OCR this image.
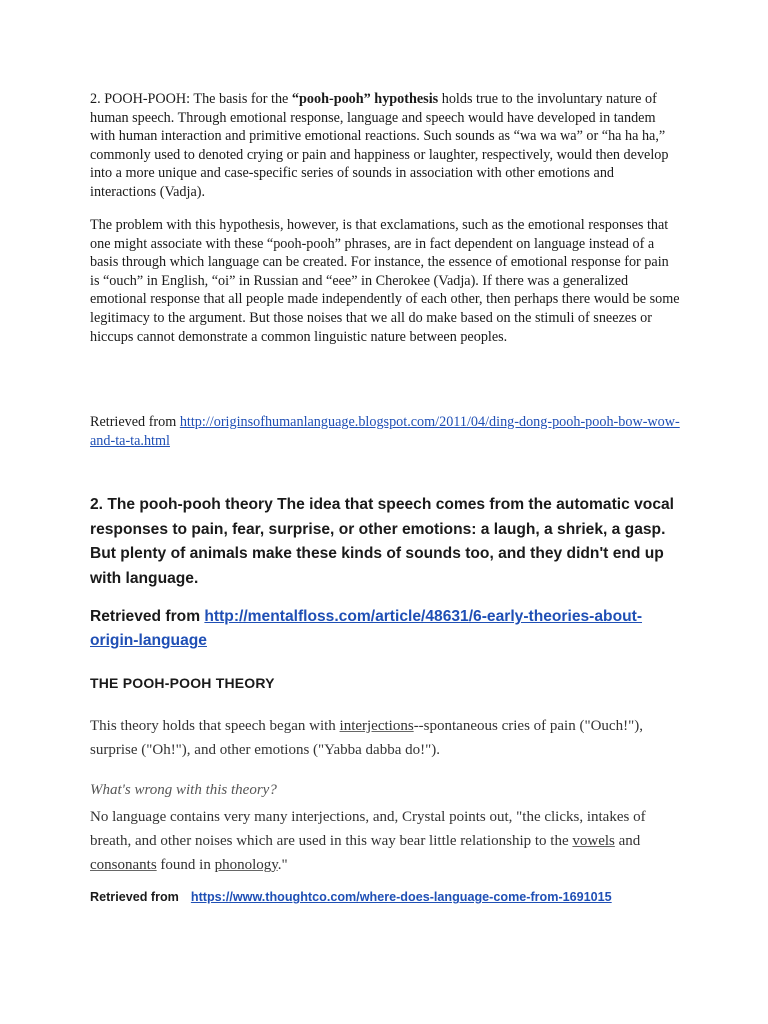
2. POOH-POOH: The basis for the “pooh-pooh” hypothesis holds true to the involuntary nature of human speech. Through emotional response, language and speech would have developed in tandem with human interaction and primitive emotional reactions. Such sounds as “wa wa wa” or “ha ha ha,” commonly used to denoted crying or pain and happiness or laughter, respectively, would then develop into a more unique and case-specific series of sounds in association with other emotions and interactions (Vadja).

The problem with this hypothesis, however, is that exclamations, such as the emotional responses that one might associate with these “pooh-pooh” phrases, are in fact dependent on language instead of a basis through which language can be created. For instance, the essence of emotional response for pain is “ouch” in English, “oi” in Russian and “eee” in Cherokee (Vadja). If there was a generalized emotional response that all people made independently of each other, then perhaps there would be some legitimacy to the argument. But those noises that we all do make based on the stimuli of sneezes or hiccups cannot demonstrate a common linguistic nature between peoples.

Retrieved from http://originsofhumanlanguage.blogspot.com/2011/04/ding-dong-pooh-pooh-bow-wow-and-ta-ta.html

2. The pooh-pooh theory The idea that speech comes from the automatic vocal responses to pain, fear, surprise, or other emotions: a laugh, a shriek, a gasp. But plenty of animals make these kinds of sounds too, and they didn't end up with language.

Retrieved from http://mentalfloss.com/article/48631/6-early-theories-about-origin-language

THE POOH-POOH THEORY

This theory holds that speech began with interjections--spontaneous cries of pain ("Ouch!"), surprise ("Oh!"), and other emotions ("Yabba dabba do!").

What's wrong with this theory?

No language contains very many interjections, and, Crystal points out, "the clicks, intakes of breath, and other noises which are used in this way bear little relationship to the vowels and consonants found in phonology."

Retrieved from https://www.thoughtco.com/where-does-language-come-from-1691015
